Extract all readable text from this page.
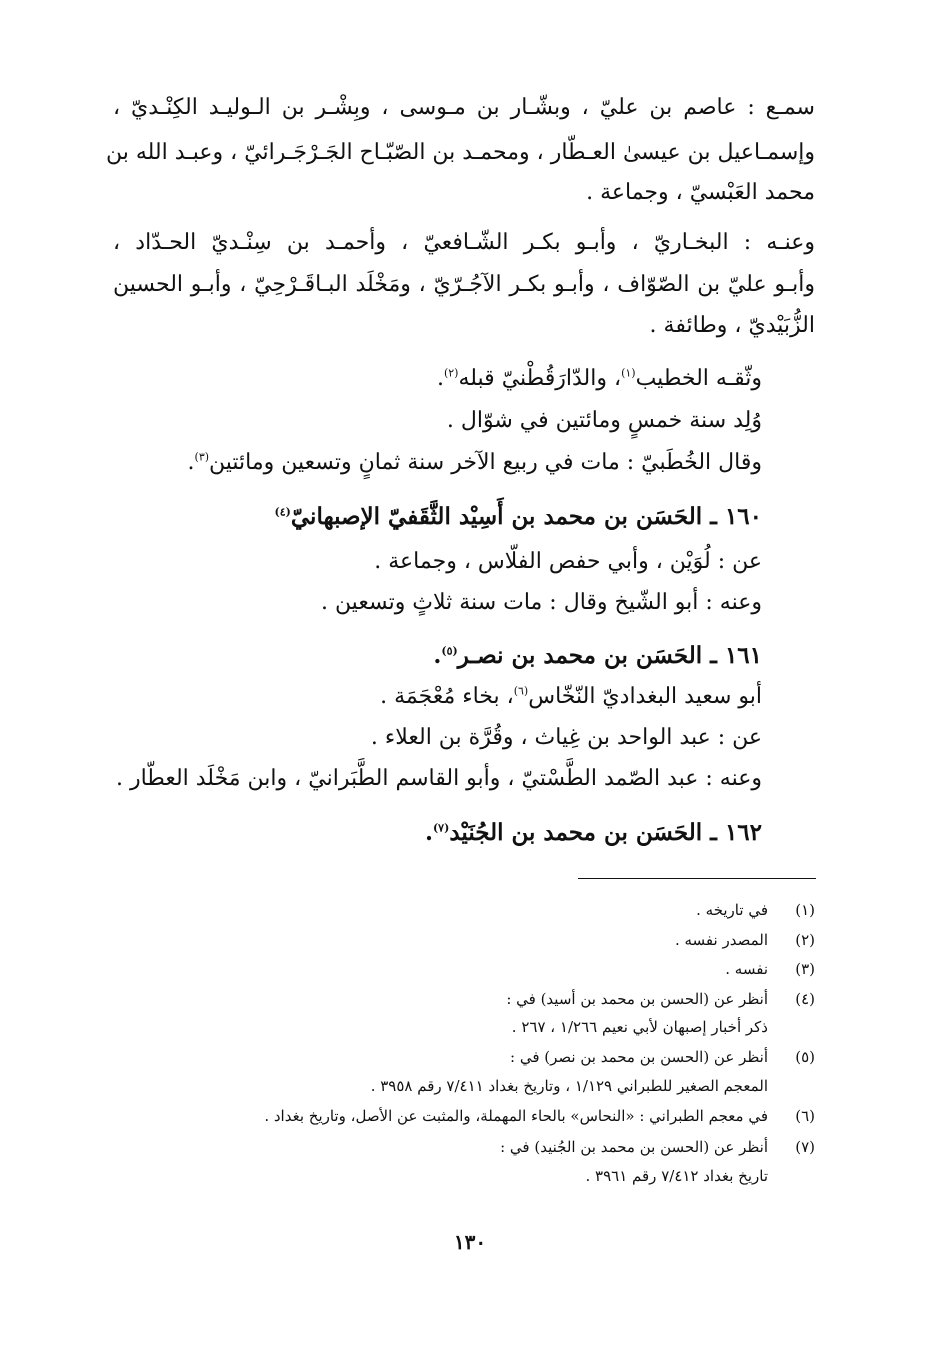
سمـع : عاصم بن عليّ ، وبشّـار بن مـوسى ، وبِشْـر بن الـوليـد الكِنْـديّ ،
وإسمـاعيل بن عيسىٰ العـطّار ، ومحمـد بن الصّبّـاح الجَـرْجَـرائيّ ، وعبـد الله بن
محمد العَبْسيّ ، وجماعة .
وعنـه : البخـاريّ ، وأبـو بكـر الشّـافعيّ ، وأحمـد بن سِنْـديّ الحـدّاد ،
وأبـو عليّ بن الصّوّاف ، وأبـو بكـر الآجُـرّيّ ، ومَخْلَد البـاقَـرْحِيّ ، وأبـو الحسين
الزُّبَيْديّ ، وطائفة .
وثّقـه الخطيب$^{(١)}$، والدّارَقُطْنيّ قبله$^{(٢)}$.
وُلِد سنة خمسٍ ومائتين في شوّال .
وقال الخُطَبيّ : مات في ربيع الآخر سنة ثمانٍ وتسعين ومائتين$^{(٣)}$.
١٦٠ ـ الحَسَن بن محمد بن أَسِيْد الثَّقَفيّ الإصبهانيّ$^{(٤)}$
عن : لُوَيْن ، وأبي حفص الفلّاس ، وجماعة .
وعنه : أبو الشّيخ وقال : مات سنة ثلاثٍ وتسعين .
١٦١ ـ الحَسَن بن محمد بن نصـر$^{(٥)}$.
أبو سعيد البغداديّ النّخّاس$^{(٦)}$، بخاء مُعْجَمَة .
عن : عبد الواحد بن غِياث ، وقُرَّة بن العلاء .
وعنه : عبد الصّمد الطَّسْتيّ ، وأبو القاسم الطَّبَرانيّ ، وابن مَخْلَد العطّار .
١٦٢ ـ الحَسَن بن محمد بن الجُنَيْد$^{(٧)}$.
(١)
في تاريخه .
(٢)
المصدر نفسه .
(٣)
نفسه .
(٤)
أنظر عن (الحسن بن محمد بن أسيد) في :
ذكر أخبار إصبهان لأبي نعيم ١/٢٦٦ ، ٢٦٧ .
(٥)
أنظر عن (الحسن بن محمد بن نصر) في :
المعجم الصغير للطبراني ١/١٢٩ ، وتاريخ بغداد ٧/٤١١ رقم ٣٩٥٨ .
(٦)
في معجم الطبراني : «النحاس» بالحاء المهملة، والمثبت عن الأصل، وتاريخ بغداد .
(٧)
أنظر عن (الحسن بن محمد بن الجُنيد) في :
تاريخ بغداد ٧/٤١٢ رقم ٣٩٦١ .
١٣٠
